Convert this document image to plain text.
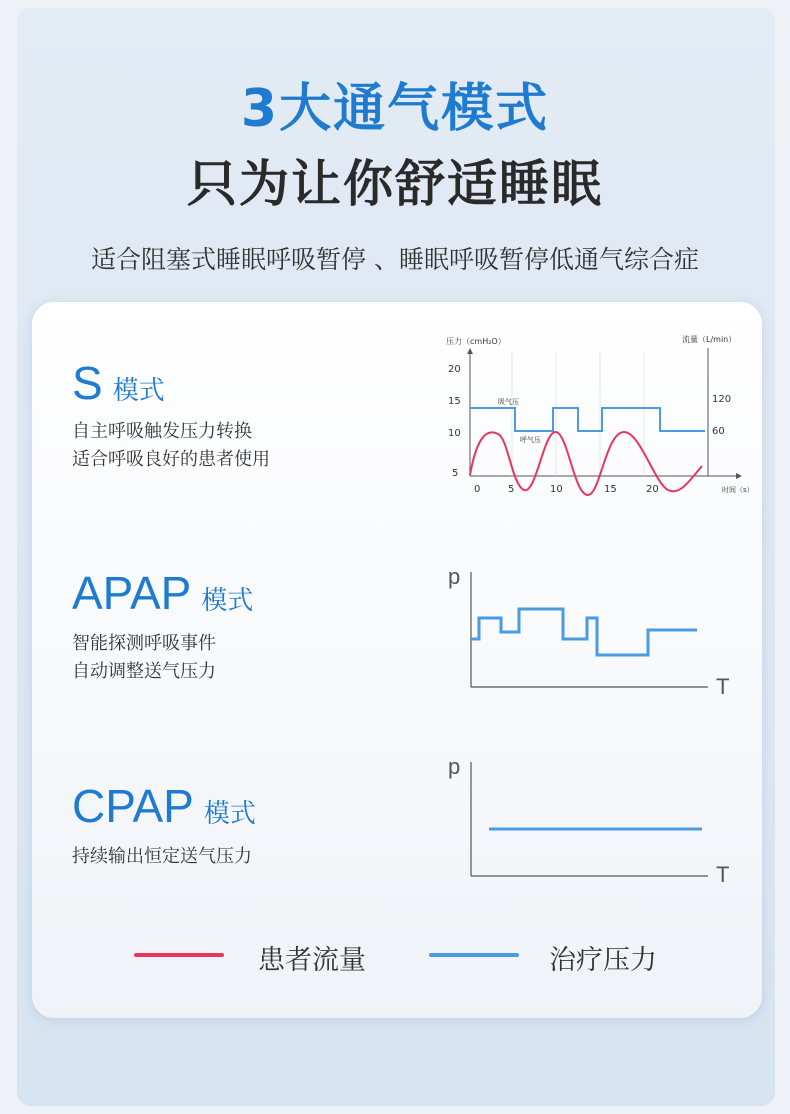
3大通气模式
只为让你舒适睡眠
适合阻塞式睡眠呼吸暂停 、睡眠呼吸暂停低通气综合症
S模式
自主呼吸触发压力转换
适合呼吸良好的患者使用
压力（cmH₂O）	流量（L/min）
20
15
10
5
120
60
0	5	10	15	20	时间（s）
吸气压
呼气压
APAP 模式
智能探测呼吸事件
自动调整送气压力
p
T
CPAP 模式
持续输出恒定送气压力
p
T
患者流量	治疗压力
